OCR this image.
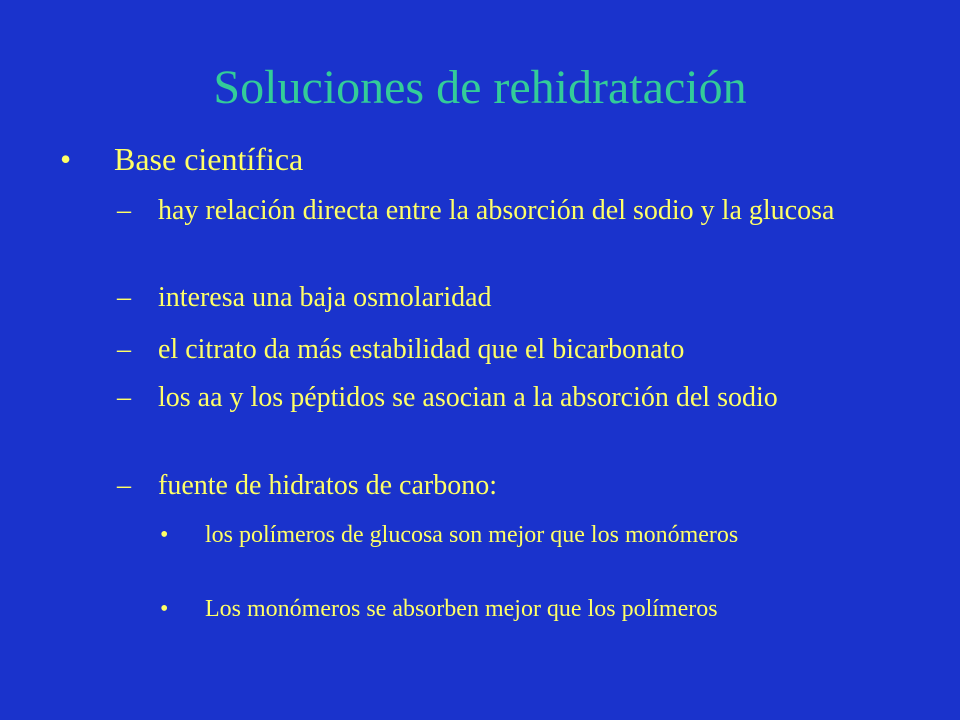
Soluciones de rehidratación
• Base científica
– hay relación directa entre la absorción del sodio y la glucosa
– interesa una baja osmolaridad
– el citrato da más estabilidad que el bicarbonato
– los aa y los péptidos se asocian a la absorción del sodio
– fuente de hidratos de carbono:
• los polímeros de glucosa son mejor que los monómeros
• Los monómeros se absorben mejor que los polímeros
